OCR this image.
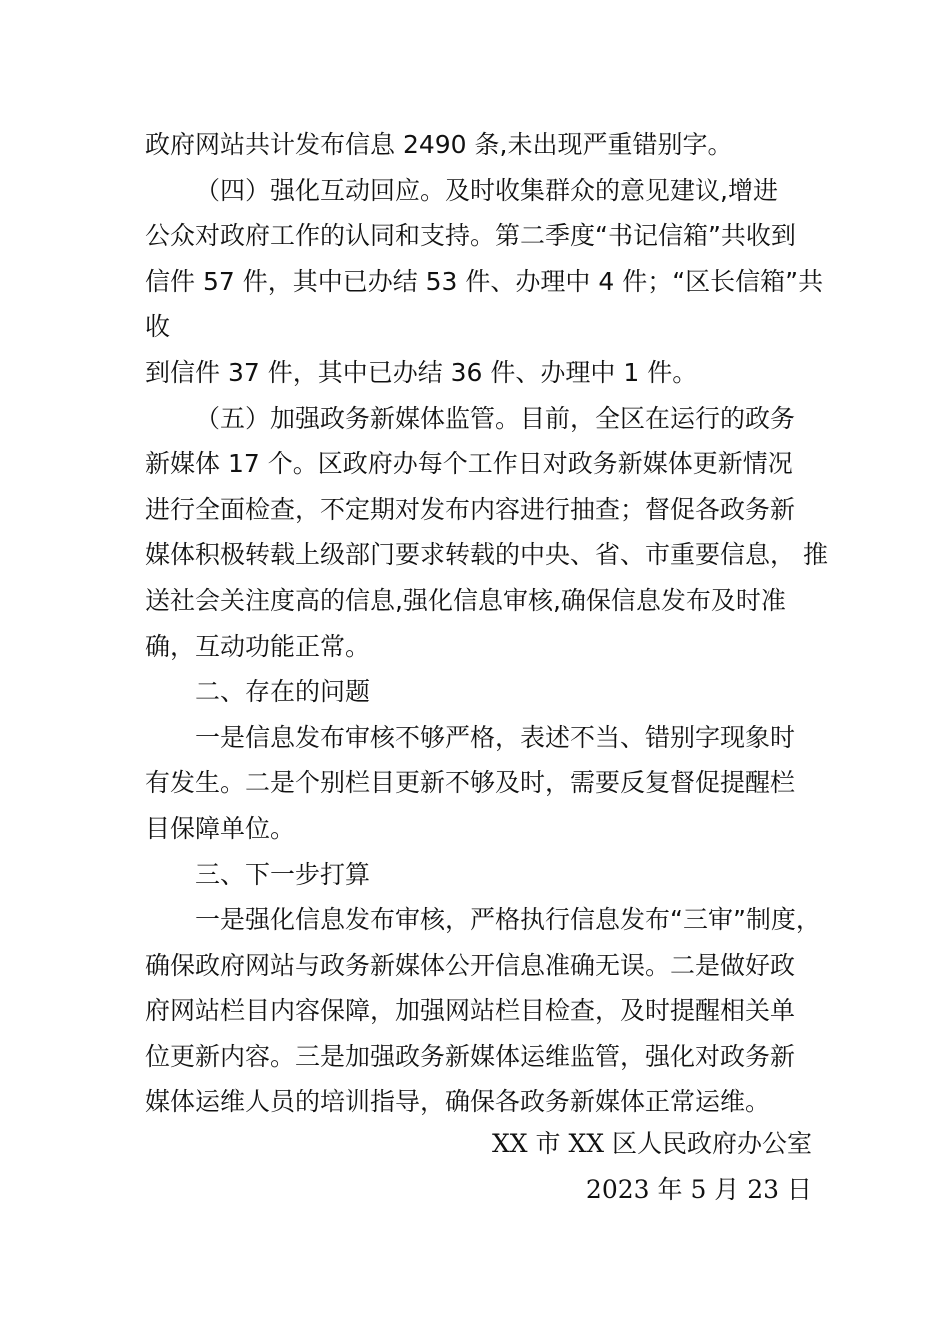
政府网站共计发布信息 2490 条,未出现严重错别字。

（四）强化互动回应。及时收集群众的意见建议,增进

公众对政府工作的认同和支持。第二季度“书记信箱”共收到

信件 57 件，其中已办结 53 件、办理中 4 件；“区长信箱”共

收

到信件 37 件，其中已办结 36 件、办理中 1 件。

（五）加强政务新媒体监管。目前，全区在运行的政务

新媒体 17 个。区政府办每个工作日对政务新媒体更新情况

进行全面检查，不定期对发布内容进行抽查；督促各政务新

媒体积极转载上级部门要求转载的中央、省、市重要信息， 推

送社会关注度高的信息,强化信息审核,确保信息发布及时准

确，互动功能正常。

二、存在的问题

一是信息发布审核不够严格，表述不当、错别字现象时

有发生。二是个别栏目更新不够及时，需要反复督促提醒栏

目保障单位。

三、下一步打算

一是强化信息发布审核，严格执行信息发布“三审”制度，

确保政府网站与政务新媒体公开信息准确无误。二是做好政

府网站栏目内容保障，加强网站栏目检查，及时提醒相关单

位更新内容。三是加强政务新媒体运维监管，强化对政务新

媒体运维人员的培训指导，确保各政务新媒体正常运维。

XX 市 XX 区人民政府办公室

2023 年 5 月 23 日
